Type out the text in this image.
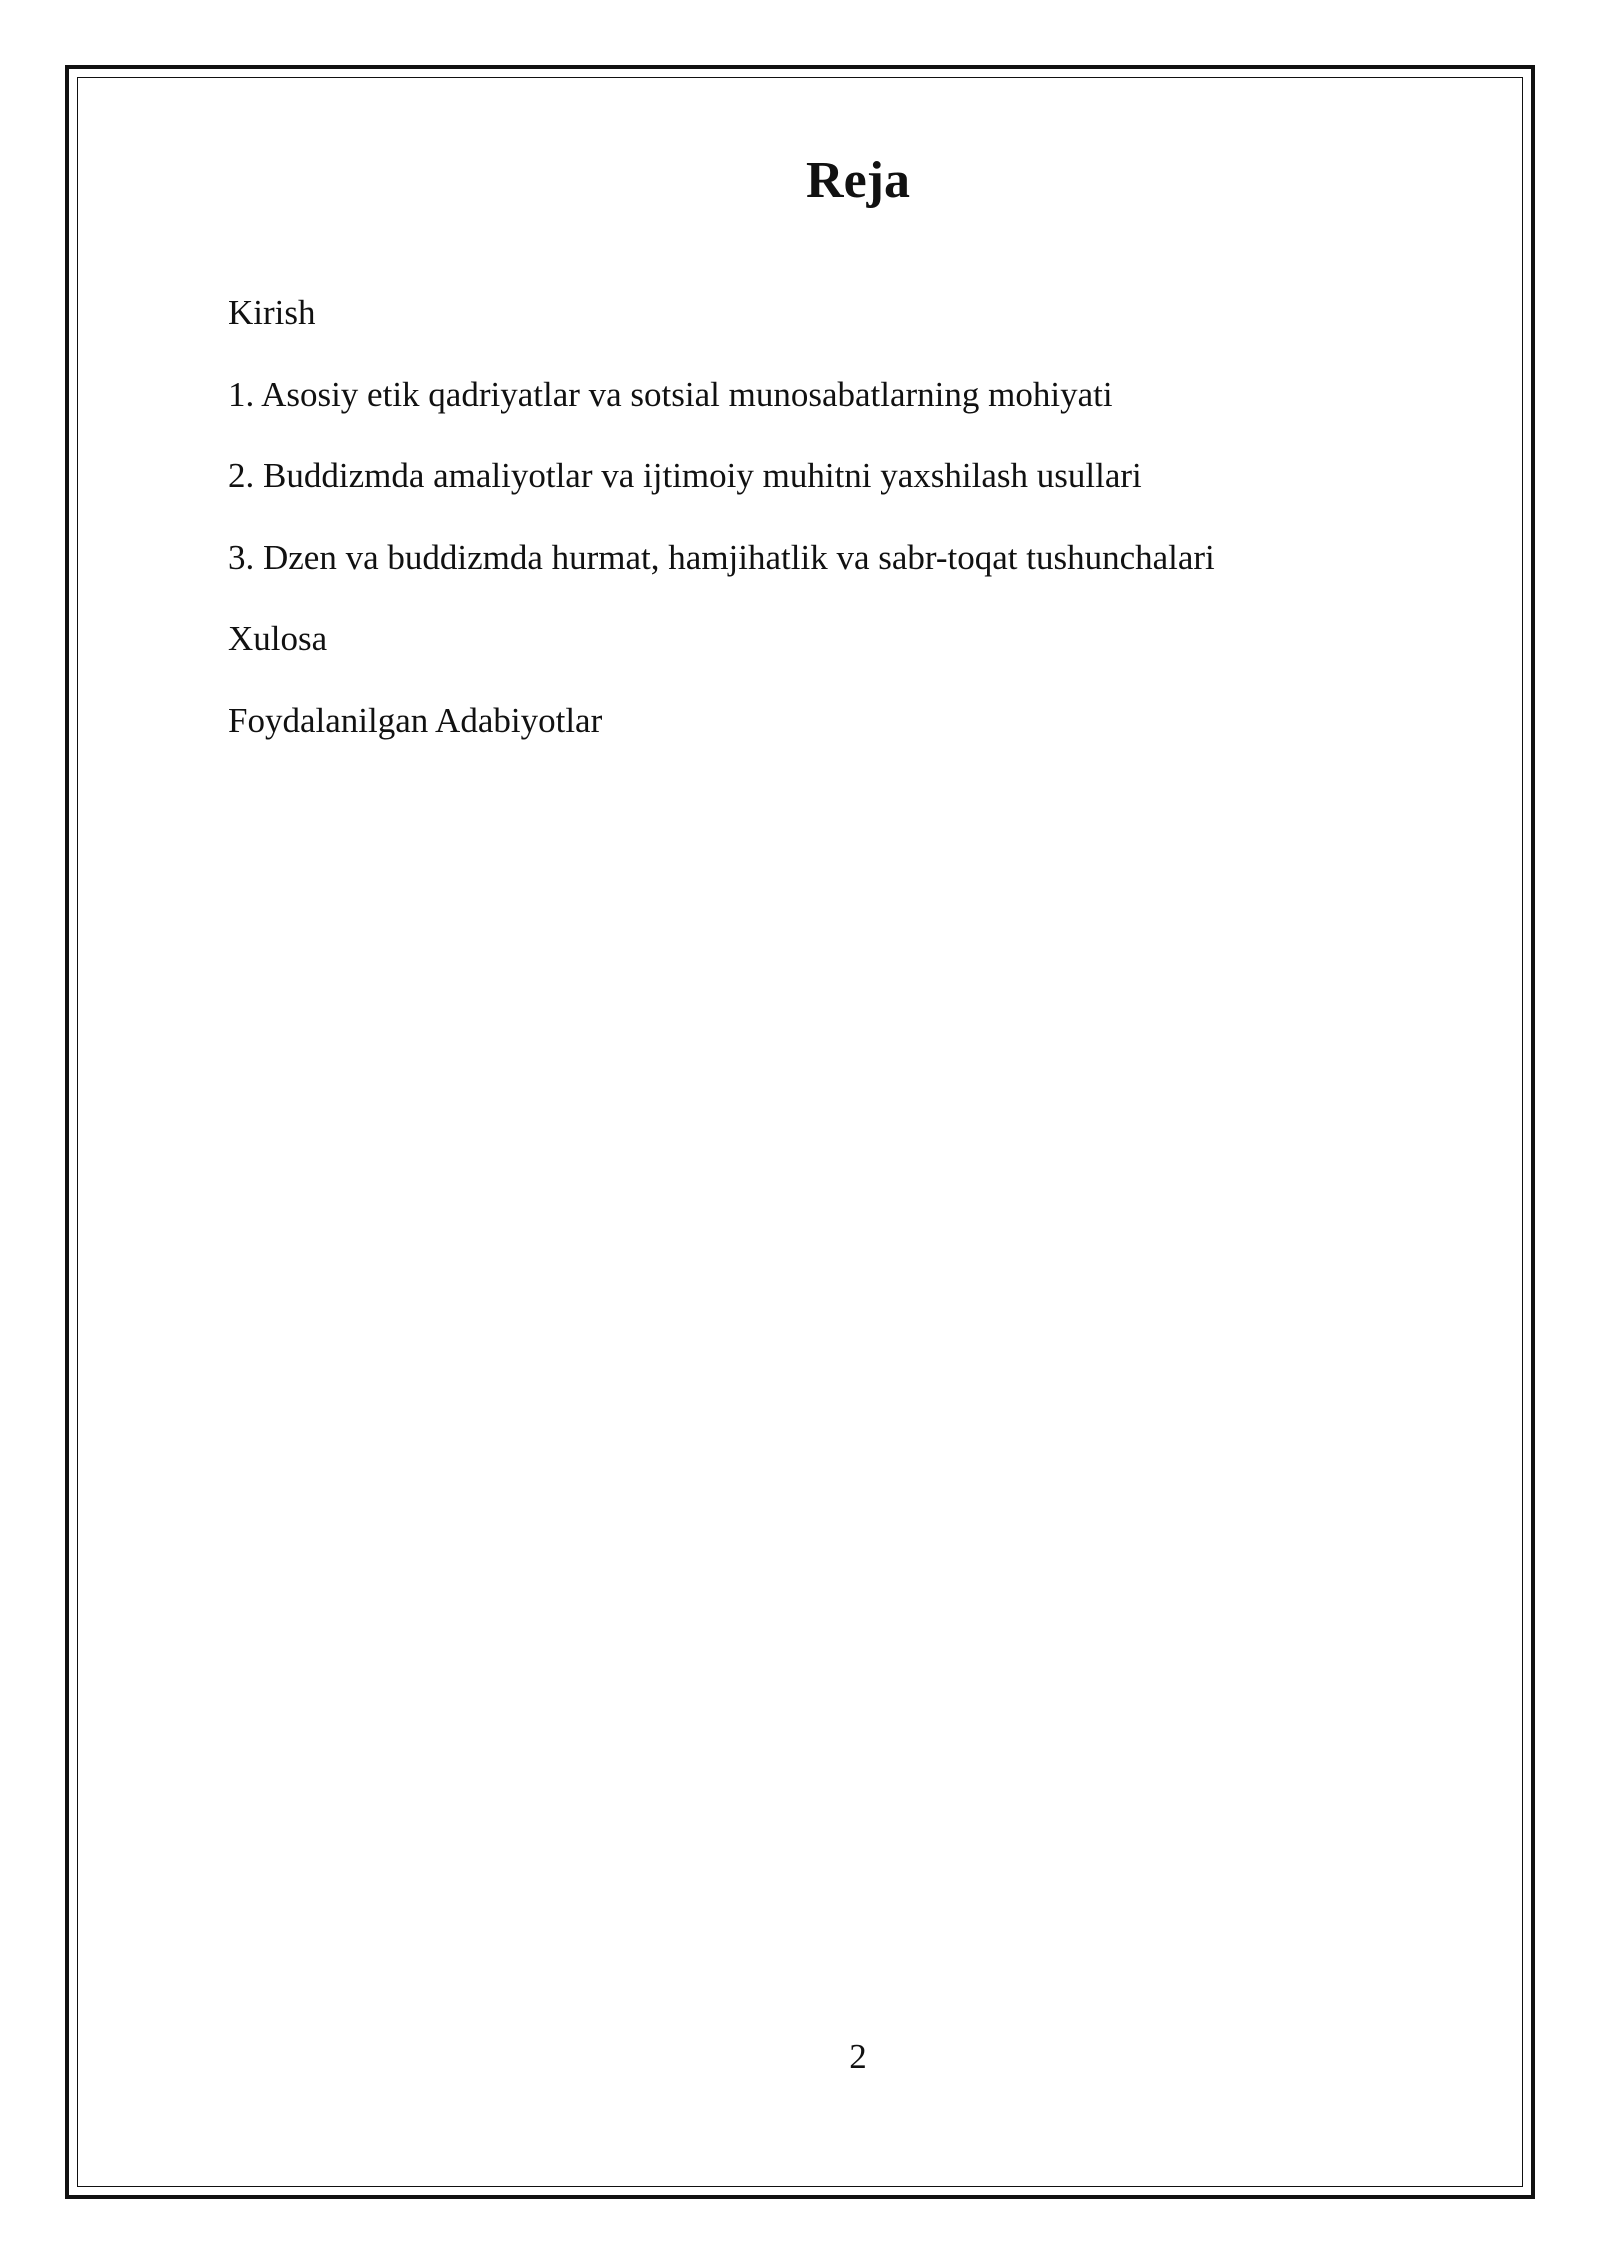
Reja
Kirish
1. Asosiy etik qadriyatlar va sotsial munosabatlarning mohiyati
2. Buddizmda amaliyotlar va ijtimoiy muhitni yaxshilash usullari
3. Dzen va buddizmda hurmat, hamjihatlik va sabr-toqat tushunchalari
Xulosa
Foydalanilgan Adabiyotlar
2
